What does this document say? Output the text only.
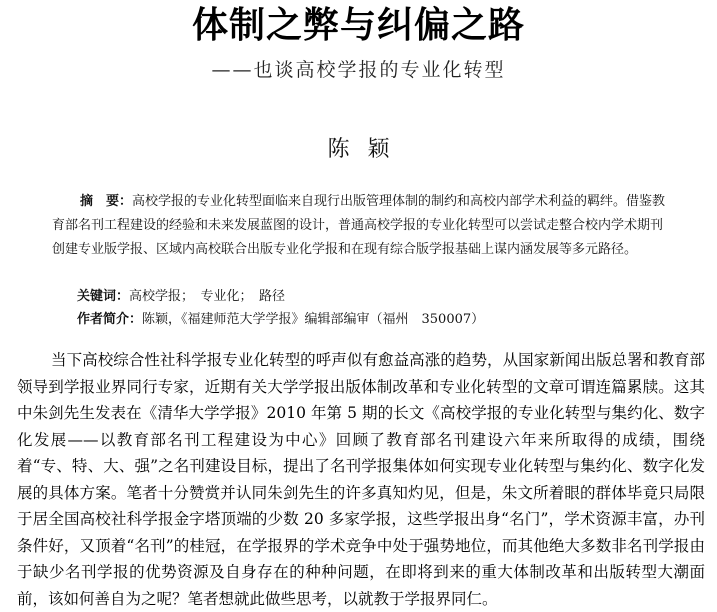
体制之弊与纠偏之路
——也谈高校学报的专业化转型
陈颖
摘　要：高校学报的专业化转型面临来自现行出版管理体制的制约和高校内部学术利益的羁绊。借鉴教育部名刊工程建设的经验和未来发展蓝图的设计，普通高校学报的专业化转型可以尝试走整合校内学术期刊创建专业版学报、区域内高校联合出版专业化学报和在现有综合版学报基础上谋内涵发展等多元路径。
关键词：高校学报；　专业化；　路径
作者简介：陈颖，《福建师范大学学报》编辑部编审（福州　350007）
当下高校综合性社科学报专业化转型的呼声似有愈益高涨的趋势，从国家新闻出版总署和教育部领导到学报业界同行专家，近期有关大学学报出版体制改革和专业化转型的文章可谓连篇累牍。这其中朱剑先生发表在《清华大学学报》2010 年第 5 期的长文《高校学报的专业化转型与集约化、数字化发展——以教育部名刊工程建设为中心》回顾了教育部名刊建设六年来所取得的成绩，围绕着“专、特、大、强”之名刊建设目标，提出了名刊学报集体如何实现专业化转型与集约化、数字化发展的具体方案。笔者十分赞赏并认同朱剑先生的许多真知灼见，但是，朱文所着眼的群体毕竟只局限于居全国高校社科学报金字塔顶端的少数 20 多家学报，这些学报出身“名门”，学术资源丰富，办刊条件好，又顶着“名刊”的桂冠，在学报界的学术竞争中处于强势地位，而其他绝大多数非名刊学报由于缺少名刊学报的优势资源及自身存在的种种问题，在即将到来的重大体制改革和出版转型大潮面前，该如何善自为之呢？笔者想就此做些思考，以就教于学报界同仁。
